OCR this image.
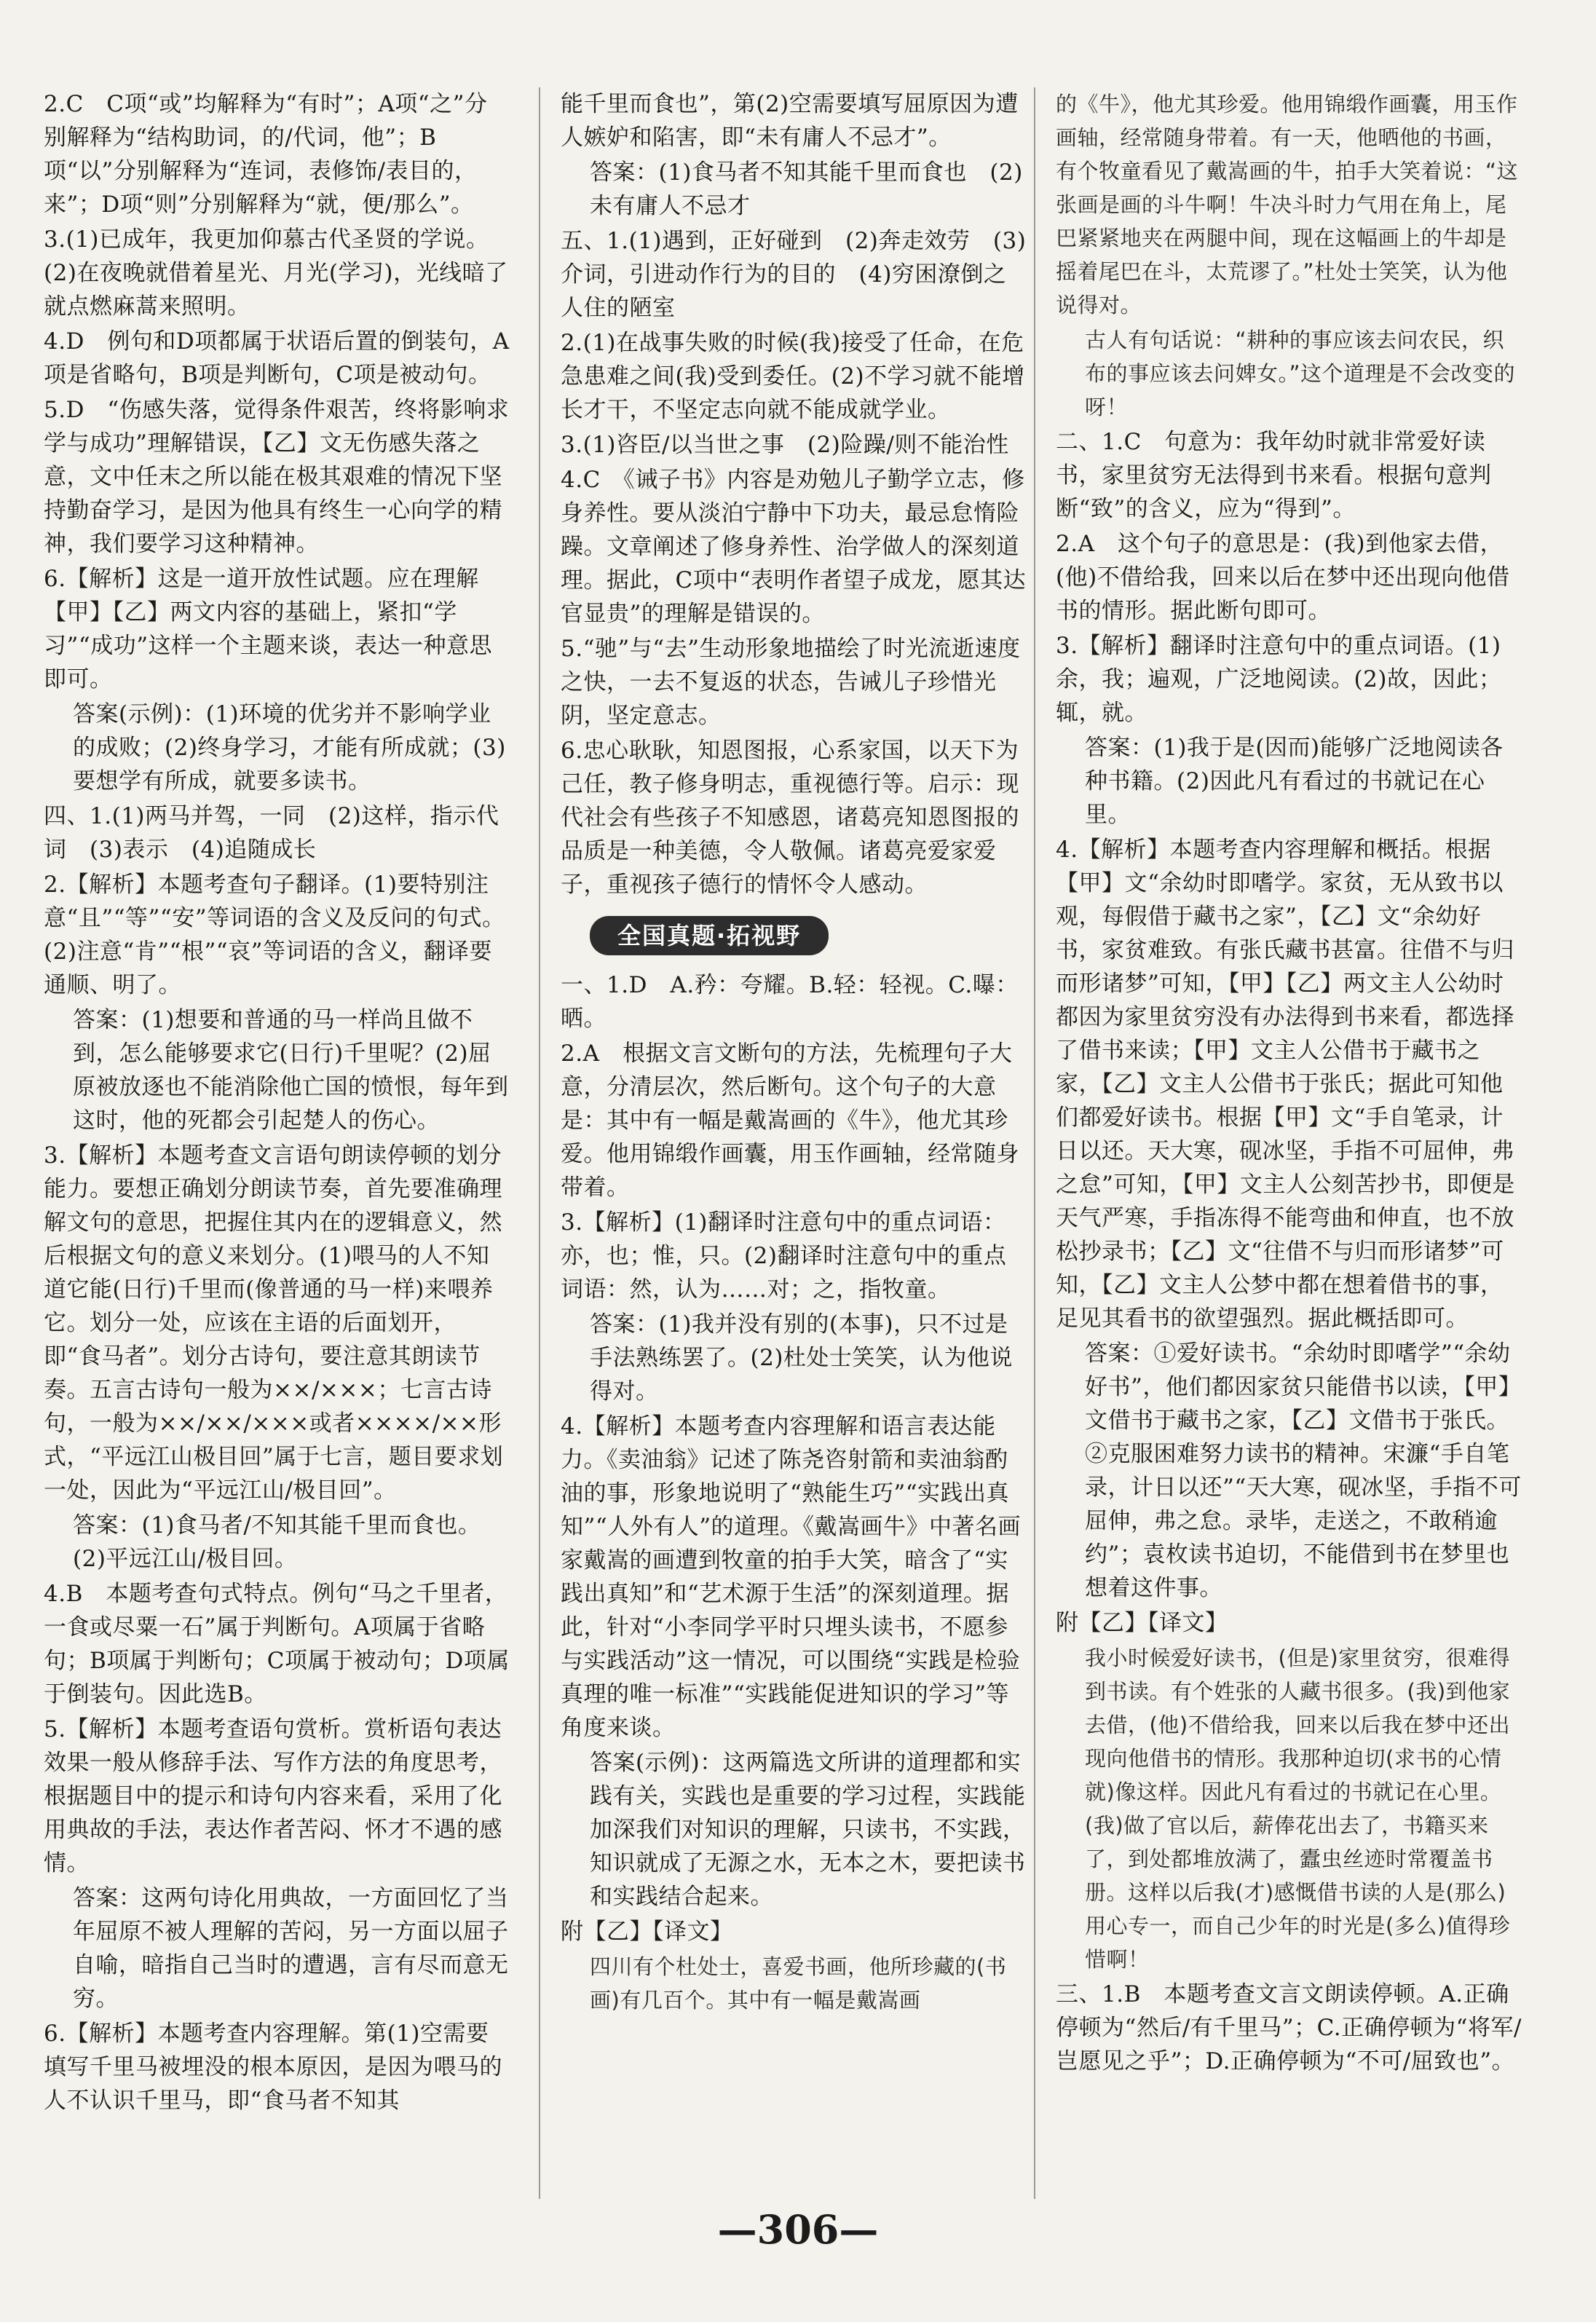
2.C　C项“或”均解释为“有时”；A项“之”分别解释为“结构助词，的/代词，他”；B项“以”分别解释为“连词，表修饰/表目的，来”；D项“则”分别解释为“就，便/那么”。

3.(1)已成年，我更加仰慕古代圣贤的学说。(2)在夜晚就借着星光、月光(学习)，光线暗了就点燃麻蒿来照明。

4.D　例句和D项都属于状语后置的倒装句，A项是省略句，B项是判断句，C项是被动句。

5.D　“伤感失落，觉得条件艰苦，终将影响求学与成功”理解错误，【乙】文无伤感失落之意，文中任末之所以能在极其艰难的情况下坚持勤奋学习，是因为他具有终生一心向学的精神，我们要学习这种精神。

6.【解析】这是一道开放性试题。应在理解【甲】【乙】两文内容的基础上，紧扣“学习”“成功”这样一个主题来谈，表达一种意思即可。

答案(示例)：(1)环境的优劣并不影响学业的成败；(2)终身学习，才能有所成就；(3)要想学有所成，就要多读书。

四、1.(1)两马并驾，一同　(2)这样，指示代词　(3)表示　(4)追随成长

2.【解析】本题考查句子翻译。(1)要特别注意“且”“等”“安”等词语的含义及反问的句式。(2)注意“肯”“根”“哀”等词语的含义，翻译要通顺、明了。

答案：(1)想要和普通的马一样尚且做不到，怎么能够要求它(日行)千里呢？(2)屈原被放逐也不能消除他亡国的愤恨，每年到这时，他的死都会引起楚人的伤心。

3.【解析】本题考查文言语句朗读停顿的划分能力。要想正确划分朗读节奏，首先要准确理解文句的意思，把握住其内在的逻辑意义，然后根据文句的意义来划分。(1)喂马的人不知道它能(日行)千里而(像普通的马一样)来喂养它。划分一处，应该在主语的后面划开，即“食马者”。划分古诗句，要注意其朗读节奏。五言古诗句一般为××/×××；七言古诗句，一般为××/××/×××或者××××/××形式，“平远江山极目回”属于七言，题目要求划一处，因此为“平远江山/极目回”。

答案：(1)食马者/不知其能千里而食也。(2)平远江山/极目回。

4.B　本题考查句式特点。例句“马之千里者，一食或尽粟一石”属于判断句。A项属于省略句；B项属于判断句；C项属于被动句；D项属于倒装句。因此选B。

5.【解析】本题考查语句赏析。赏析语句表达效果一般从修辞手法、写作方法的角度思考，根据题目中的提示和诗句内容来看，采用了化用典故的手法，表达作者苦闷、怀才不遇的感情。

答案：这两句诗化用典故，一方面回忆了当年屈原不被人理解的苦闷，另一方面以屈子自喻，暗指自己当时的遭遇，言有尽而意无穷。

6.【解析】本题考查内容理解。第(1)空需要填写千里马被埋没的根本原因，是因为喂马的人不认识千里马，即“食马者不知其

能千里而食也”，第(2)空需要填写屈原因为遭人嫉妒和陷害，即“未有庸人不忌才”。

答案：(1)食马者不知其能千里而食也　(2)未有庸人不忌才

五、1.(1)遇到，正好碰到　(2)奔走效劳　(3)介词，引进动作行为的目的　(4)穷困潦倒之人住的陋室

2.(1)在战事失败的时候(我)接受了任命，在危急患难之间(我)受到委任。(2)不学习就不能增长才干，不坚定志向就不能成就学业。

3.(1)咨臣/以当世之事　(2)险躁/则不能治性

4.C　《诫子书》内容是劝勉儿子勤学立志，修身养性。要从淡泊宁静中下功夫，最忌怠惰险躁。文章阐述了修身养性、治学做人的深刻道理。据此，C项中“表明作者望子成龙，愿其达官显贵”的理解是错误的。

5.“驰”与“去”生动形象地描绘了时光流逝速度之快，一去不复返的状态，告诫儿子珍惜光阴，坚定意志。

6.忠心耿耿，知恩图报，心系家国，以天下为己任，教子修身明志，重视德行等。启示：现代社会有些孩子不知感恩，诸葛亮知恩图报的品质是一种美德，令人敬佩。诸葛亮爱家爱子，重视孩子德行的情怀令人感动。

全国真题·拓视野

一、1.D　A.矜：夸耀。B.轻：轻视。C.曝：晒。

2.A　根据文言文断句的方法，先梳理句子大意，分清层次，然后断句。这个句子的大意是：其中有一幅是戴嵩画的《牛》，他尤其珍爱。他用锦缎作画囊，用玉作画轴，经常随身带着。

3.【解析】(1)翻译时注意句中的重点词语：亦，也；惟，只。(2)翻译时注意句中的重点词语：然，认为……对；之，指牧童。

答案：(1)我并没有别的(本事)，只不过是手法熟练罢了。(2)杜处士笑笑，认为他说得对。

4.【解析】本题考查内容理解和语言表达能力。《卖油翁》记述了陈尧咨射箭和卖油翁酌油的事，形象地说明了“熟能生巧”“实践出真知”“人外有人”的道理。《戴嵩画牛》中著名画家戴嵩的画遭到牧童的拍手大笑，暗含了“实践出真知”和“艺术源于生活”的深刻道理。据此，针对“小李同学平时只埋头读书，不愿参与实践活动”这一情况，可以围绕“实践是检验真理的唯一标准”“实践能促进知识的学习”等角度来谈。

答案(示例)：这两篇选文所讲的道理都和实践有关，实践也是重要的学习过程，实践能加深我们对知识的理解，只读书，不实践，知识就成了无源之水，无本之木，要把读书和实践结合起来。

附【乙】【译文】

四川有个杜处士，喜爱书画，他所珍藏的(书画)有几百个。其中有一幅是戴嵩画

的《牛》，他尤其珍爱。他用锦缎作画囊，用玉作画轴，经常随身带着。有一天，他晒他的书画，有个牧童看见了戴嵩画的牛，拍手大笑着说：“这张画是画的斗牛啊！牛决斗时力气用在角上，尾巴紧紧地夹在两腿中间，现在这幅画上的牛却是摇着尾巴在斗，太荒谬了。”杜处士笑笑，认为他说得对。

古人有句话说：“耕种的事应该去问农民，织布的事应该去问婢女。”这个道理是不会改变的呀！

二、1.C　句意为：我年幼时就非常爱好读书，家里贫穷无法得到书来看。根据句意判断“致”的含义，应为“得到”。

2.A　这个句子的意思是：(我)到他家去借，(他)不借给我，回来以后在梦中还出现向他借书的情形。据此断句即可。

3.【解析】翻译时注意句中的重点词语。(1)余，我；遍观，广泛地阅读。(2)故，因此；辄，就。

答案：(1)我于是(因而)能够广泛地阅读各种书籍。(2)因此凡有看过的书就记在心里。

4.【解析】本题考查内容理解和概括。根据【甲】文“余幼时即嗜学。家贫，无从致书以观，每假借于藏书之家”，【乙】文“余幼好书，家贫难致。有张氏藏书甚富。往借不与归而形诸梦”可知，【甲】【乙】两文主人公幼时都因为家里贫穷没有办法得到书来看，都选择了借书来读；【甲】文主人公借书于藏书之家，【乙】文主人公借书于张氏；据此可知他们都爱好读书。根据【甲】文“手自笔录，计日以还。天大寒，砚冰坚，手指不可屈伸，弗之怠”可知，【甲】文主人公刻苦抄书，即便是天气严寒，手指冻得不能弯曲和伸直，也不放松抄录书；【乙】文“往借不与归而形诸梦”可知，【乙】文主人公梦中都在想着借书的事，足见其看书的欲望强烈。据此概括即可。

答案：①爱好读书。“余幼时即嗜学”“余幼好书”，他们都因家贫只能借书以读，【甲】文借书于藏书之家，【乙】文借书于张氏。②克服困难努力读书的精神。宋濂“手自笔录，计日以还”“天大寒，砚冰坚，手指不可屈伸，弗之怠。录毕，走送之，不敢稍逾约”；袁枚读书迫切，不能借到书在梦里也想着这件事。

附【乙】【译文】

我小时候爱好读书，(但是)家里贫穷，很难得到书读。有个姓张的人藏书很多。(我)到他家去借，(他)不借给我，回来以后我在梦中还出现向他借书的情形。我那种迫切(求书的心情就)像这样。因此凡有看过的书就记在心里。(我)做了官以后，薪俸花出去了，书籍买来了，到处都堆放满了，蠹虫丝迹时常覆盖书册。这样以后我(才)感慨借书读的人是(那么)用心专一，而自己少年的时光是(多么)值得珍惜啊！

三、1.B　本题考查文言文朗读停顿。A.正确停顿为“然后/有千里马”；C.正确停顿为“将军/岂愿见之乎”；D.正确停顿为“不可/屈致也”。

—306—
